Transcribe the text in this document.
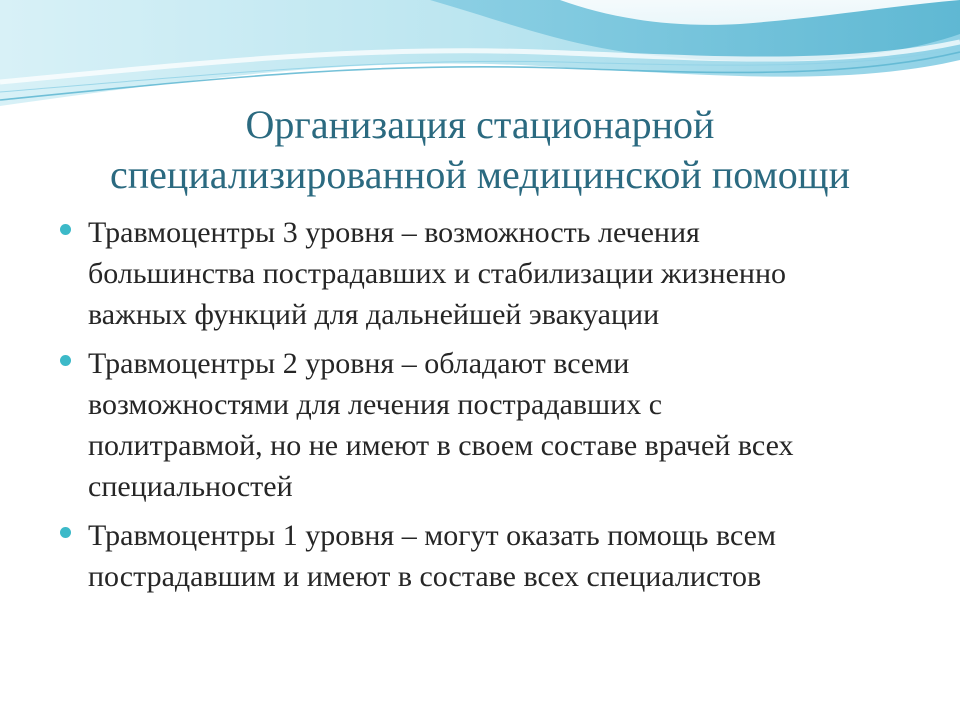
Организация стационарной
специализированной медицинской помощи
Травмоцентры 3 уровня – возможность лечения
большинства пострадавших и стабилизации жизненно
важных функций для дальнейшей эвакуации
Травмоцентры 2 уровня – обладают всеми
возможностями для лечения пострадавших с
политравмой, но не имеют в своем составе врачей всех
специальностей
Травмоцентры 1 уровня – могут оказать помощь всем
пострадавшим и имеют в составе всех специалистов
